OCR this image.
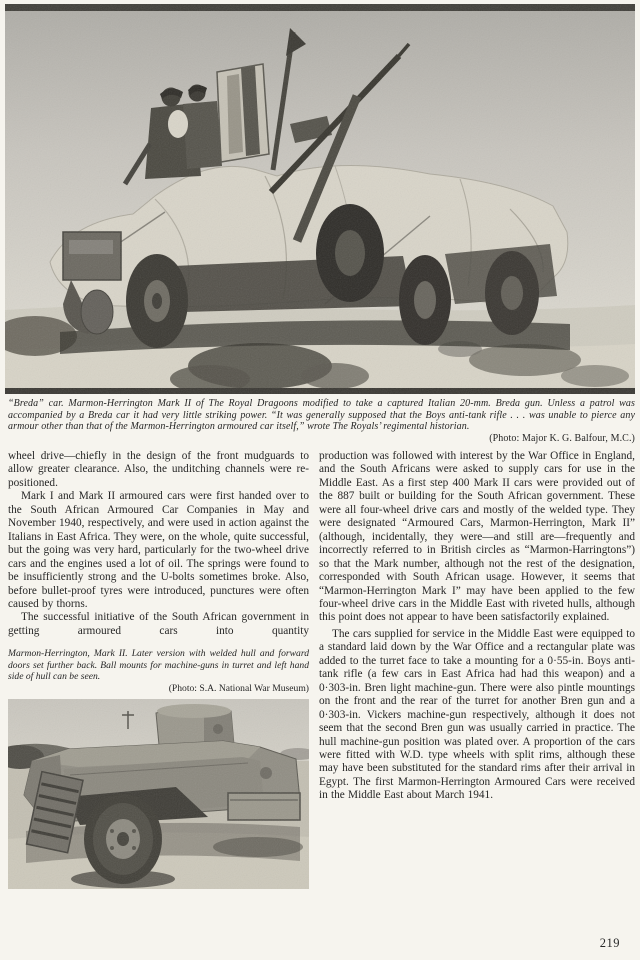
“Breda” car. Marmon-Herrington Mark II of The Royal Dragoons modified to take a captured Italian 20-mm. Breda gun. Unless a patrol was accompanied by a Breda car it had very little striking power. “It was generally supposed that the Boys anti-tank rifle . . . was unable to pierce any armour other than that of the Marmon-Herrington armoured car itself,” wrote The Royals’ regimental historian.
(Photo: Major K. G. Balfour, M.C.)

wheel drive—chiefly in the design of the front mudguards to allow greater clearance. Also, the unditching channels were re-positioned.

Mark I and Mark II armoured cars were first handed over to the South African Armoured Car Companies in May and November 1940, respectively, and were used in action against the Italians in East Africa. They were, on the whole, quite successful, but the going was very hard, particularly for the two-wheel drive cars and the engines used a lot of oil. The springs were found to be insufficiently strong and the U-bolts sometimes broke. Also, before bullet-proof tyres were introduced, punctures were often caused by thorns.

The successful initiative of the South African government in getting armoured cars into quantity

Marmon-Herrington, Mark II. Later version with welded hull and forward doors set further back. Ball mounts for machine-guns in turret and left hand side of hull can be seen.
(Photo: S.A. National War Museum)

production was followed with interest by the War Office in England, and the South Africans were asked to supply cars for use in the Middle East. As a first step 400 Mark II cars were provided out of the 887 built or building for the South African government. These were all four-wheel drive cars and mostly of the welded type. They were designated “Armoured Cars, Marmon-Herrington, Mark II” (although, incidentally, they were—and still are—frequently and incorrectly referred to in British circles as “Marmon-Harringtons”) so that the Mark number, although not the rest of the designation, corresponded with South African usage. However, it seems that “Marmon-Herrington Mark I” may have been applied to the few four-wheel drive cars in the Middle East with riveted hulls, although this point does not appear to have been satisfactorily explained.

The cars supplied for service in the Middle East were equipped to a standard laid down by the War Office and a rectangular plate was added to the turret face to take a mounting for a 0·55-in. Boys anti-tank rifle (a few cars in East Africa had had this weapon) and a 0·303-in. Bren light machine-gun. There were also pintle mountings on the front and the rear of the turret for another Bren gun and a 0·303-in. Vickers machine-gun respectively, although it does not seem that the second Bren gun was usually carried in practice. The hull machine-gun position was plated over. A proportion of the cars were fitted with W.D. type wheels with split rims, although these may have been substituted for the standard rims after their arrival in Egypt. The first Marmon-Herrington Armoured Cars were received in the Middle East about March 1941.

219
